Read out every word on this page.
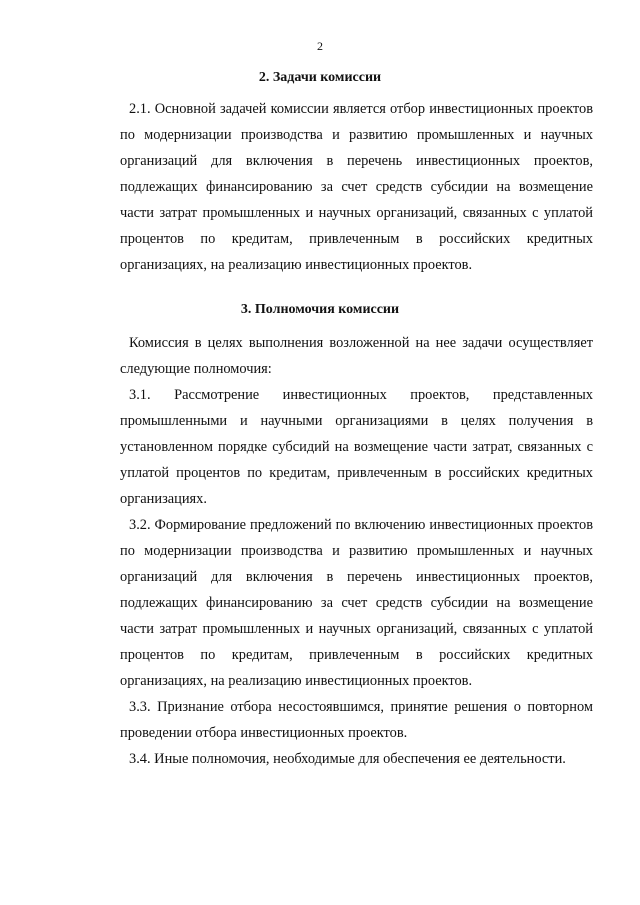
2
2. Задачи комиссии

2.1. Основной задачей комиссии является отбор инвестиционных проектов по модернизации производства и развитию промышленных и научных организаций для включения в перечень инвестиционных проектов, подлежащих финансированию за счет средств субсидии на возмещение части затрат промышленных и научных организаций, связанных с уплатой процентов по кредитам, привлеченным в российских кредитных организациях, на реализацию инвестиционных проектов.

3. Полномочия комиссии

Комиссия в целях выполнения возложенной на нее задачи осуществляет следующие полномочия:

3.1. Рассмотрение инвестиционных проектов, представленных промышленными и научными организациями в целях получения в установленном порядке субсидий на возмещение части затрат, связанных с уплатой процентов по кредитам, привлеченным в российских кредитных организациях.

3.2. Формирование предложений по включению инвестиционных проектов по модернизации производства и развитию промышленных и научных организаций для включения в перечень инвестиционных проектов, подлежащих финансированию за счет средств субсидии на возмещение части затрат промышленных и научных организаций, связанных с уплатой процентов по кредитам, привлеченным в российских кредитных организациях, на реализацию инвестиционных проектов.

3.3. Признание отбора несостоявшимся, принятие решения о повторном проведении отбора инвестиционных проектов.

3.4. Иные полномочия, необходимые для обеспечения ее деятельности.
